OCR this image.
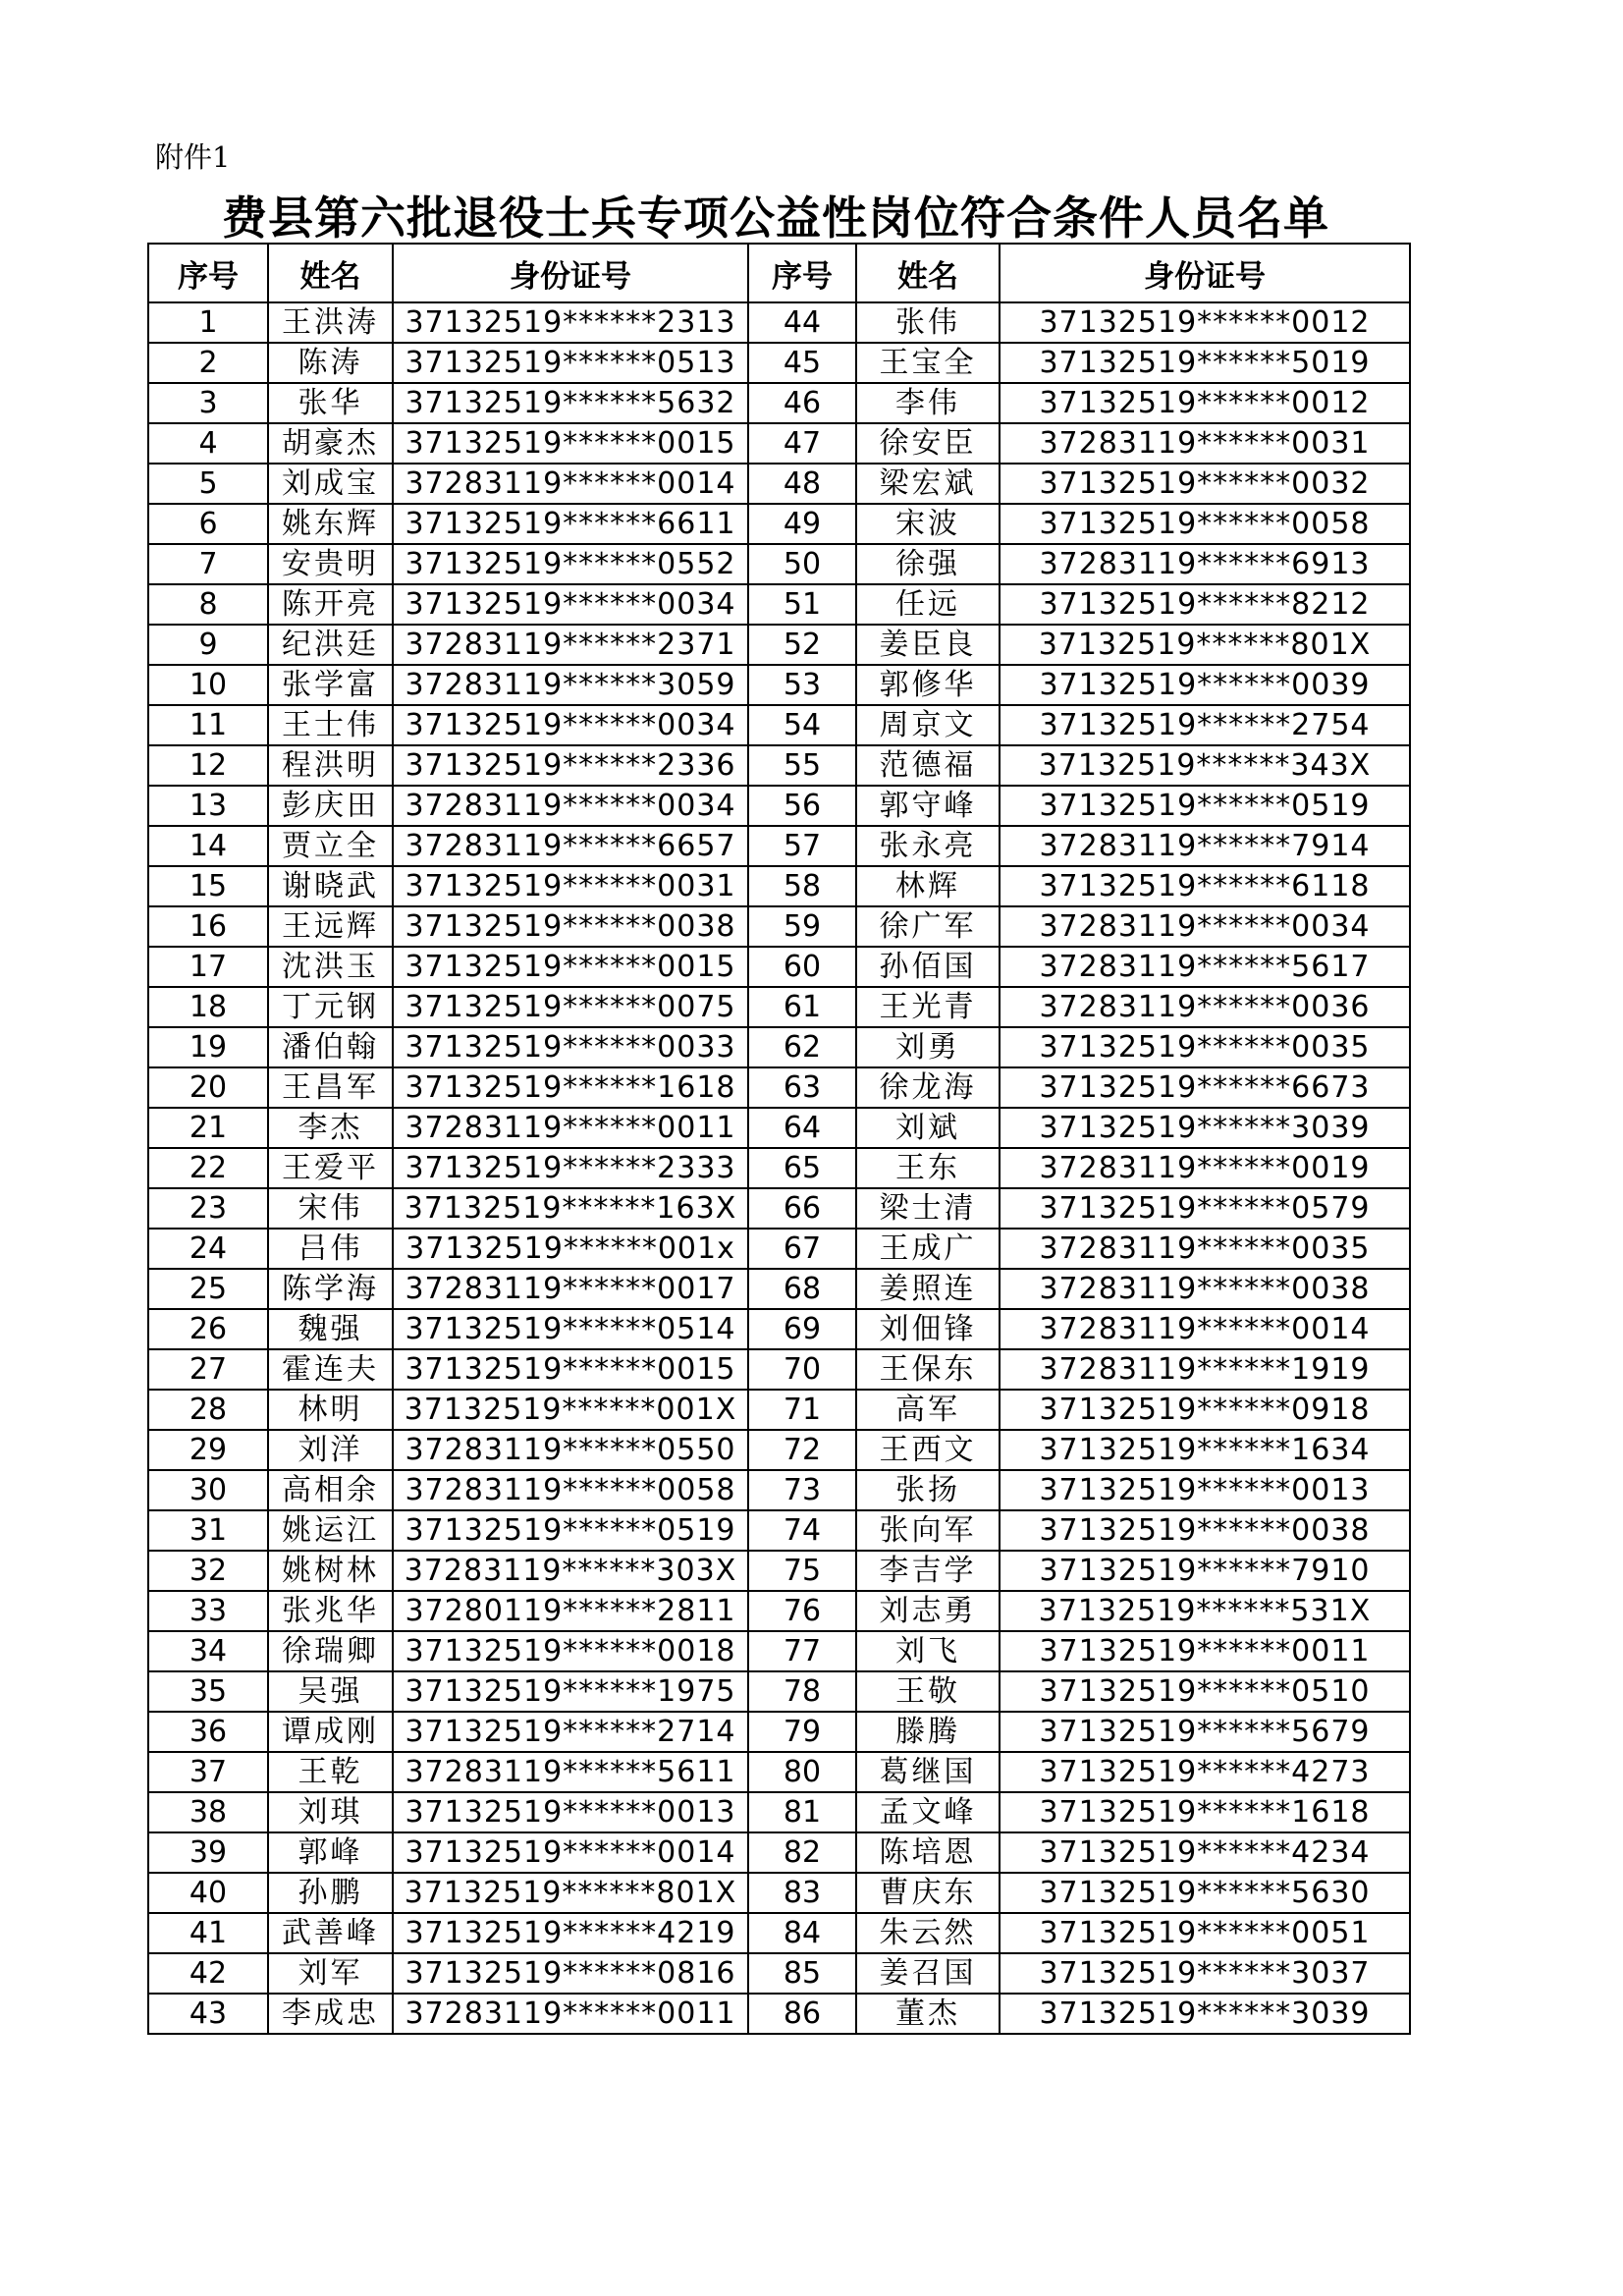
附件1
费县第六批退役士兵专项公益性岗位符合条件人员名单
序号	姓名	身份证号	序号	姓名	身份证号
1	王洪涛	37132519******2313	44	张伟	37132519******0012
2	陈涛	37132519******0513	45	王宝全	37132519******5019
3	张华	37132519******5632	46	李伟	37132519******0012
4	胡豪杰	37132519******0015	47	徐安臣	37283119******0031
5	刘成宝	37283119******0014	48	梁宏斌	37132519******0032
6	姚东辉	37132519******6611	49	宋波	37132519******0058
7	安贵明	37132519******0552	50	徐强	37283119******6913
8	陈开亮	37132519******0034	51	任远	37132519******8212
9	纪洪廷	37283119******2371	52	姜臣良	37132519******801X
10	张学富	37283119******3059	53	郭修华	37132519******0039
11	王士伟	37132519******0034	54	周京文	37132519******2754
12	程洪明	37132519******2336	55	范德福	37132519******343X
13	彭庆田	37283119******0034	56	郭守峰	37132519******0519
14	贾立全	37283119******6657	57	张永亮	37283119******7914
15	谢晓武	37132519******0031	58	林辉	37132519******6118
16	王远辉	37132519******0038	59	徐广军	37283119******0034
17	沈洪玉	37132519******0015	60	孙佰国	37283119******5617
18	丁元钢	37132519******0075	61	王光青	37283119******0036
19	潘伯翰	37132519******0033	62	刘勇	37132519******0035
20	王昌军	37132519******1618	63	徐龙海	37132519******6673
21	李杰	37283119******0011	64	刘斌	37132519******3039
22	王爱平	37132519******2333	65	王东	37283119******0019
23	宋伟	37132519******163X	66	梁士清	37132519******0579
24	吕伟	37132519******001x	67	王成广	37283119******0035
25	陈学海	37283119******0017	68	姜照连	37283119******0038
26	魏强	37132519******0514	69	刘佃锋	37283119******0014
27	霍连夫	37132519******0015	70	王保东	37283119******1919
28	林明	37132519******001X	71	高军	37132519******0918
29	刘洋	37283119******0550	72	王西文	37132519******1634
30	高相余	37283119******0058	73	张扬	37132519******0013
31	姚运江	37132519******0519	74	张向军	37132519******0038
32	姚树林	37283119******303X	75	李吉学	37132519******7910
33	张兆华	37280119******2811	76	刘志勇	37132519******531X
34	徐瑞卿	37132519******0018	77	刘飞	37132519******0011
35	吴强	37132519******1975	78	王敬	37132519******0510
36	谭成刚	37132519******2714	79	滕腾	37132519******5679
37	王乾	37283119******5611	80	葛继国	37132519******4273
38	刘琪	37132519******0013	81	孟文峰	37132519******1618
39	郭峰	37132519******0014	82	陈培恩	37132519******4234
40	孙鹏	37132519******801X	83	曹庆东	37132519******5630
41	武善峰	37132519******4219	84	朱云然	37132519******0051
42	刘军	37132519******0816	85	姜召国	37132519******3037
43	李成忠	37283119******0011	86	董杰	37132519******3039
